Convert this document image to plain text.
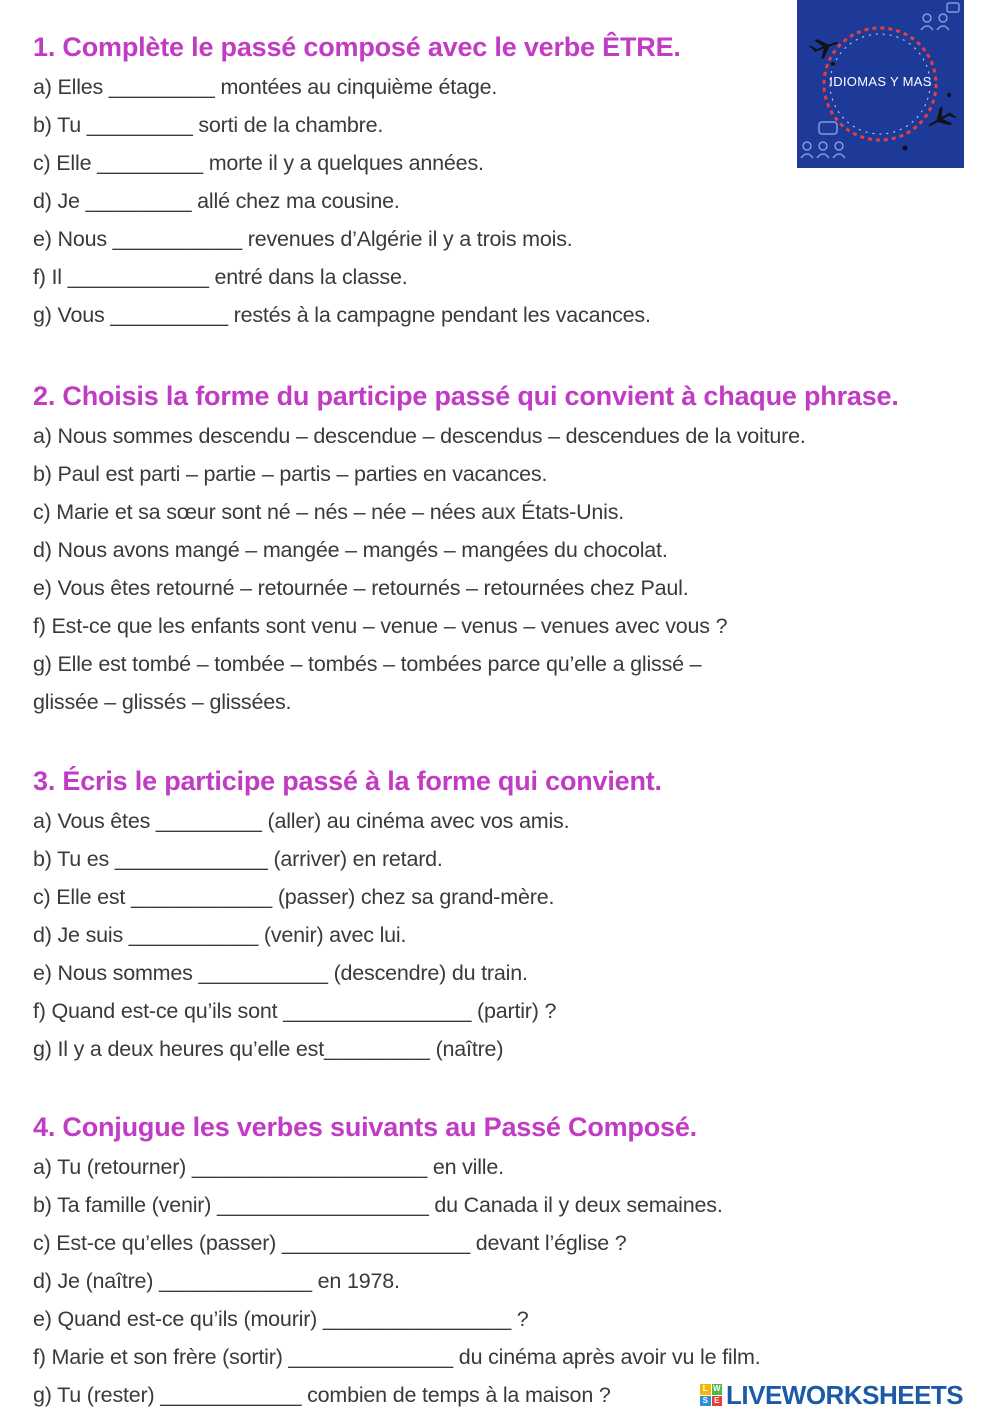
1. Complète le passé composé avec le verbe ÊTRE.
a) Elles _________ montées au cinquième étage.
b) Tu _________ sorti de la chambre.
c) Elle _________ morte il y a quelques années.
d) Je _________ allé chez ma cousine.
e) Nous ___________ revenues d’Algérie il y a trois mois.
f) Il ____________ entré dans la classe.
g) Vous __________ restés à la campagne pendant les vacances.
2. Choisis la forme du participe passé qui convient à chaque phrase.
a) Nous sommes descendu – descendue – descendus – descendues de la voiture.
b) Paul est parti – partie – partis – parties en vacances.
c) Marie et sa sœur sont né – nés – née – nées aux États-Unis.
d) Nous avons mangé – mangée – mangés – mangées du chocolat.
e) Vous êtes retourné – retournée – retournés – retournées chez Paul.
f) Est-ce que les enfants sont venu – venue – venus – venues avec vous ?
g) Elle est tombé – tombée – tombés – tombées parce qu’elle a glissé –
glissée – glissés – glissées.
3. Écris le participe passé à la forme qui convient.
a) Vous êtes _________ (aller) au cinéma avec vos amis.
b) Tu es _____________ (arriver) en retard.
c) Elle est ____________ (passer) chez sa grand-mère.
d) Je suis ___________ (venir) avec lui.
e) Nous sommes ___________ (descendre) du train.
f) Quand est-ce qu’ils sont ________________ (partir) ?
g) Il y a deux heures qu’elle est_________ (naître)
4. Conjugue les verbes suivants au Passé Composé.
a) Tu (retourner) ____________________ en ville.
b) Ta famille (venir) __________________ du Canada il y deux semaines.
c) Est-ce qu’elles (passer) ________________ devant l’église ?
d) Je (naître) _____________ en 1978.
e) Quand est-ce qu’ils (mourir) ________________ ?
f) Marie et son frère (sortir) ______________ du cinéma après avoir vu le film.
g) Tu (rester) ____________ combien de temps à la maison ?
IDIOMAS Y MAS
L W
S E LIVEWORKSHEETS
